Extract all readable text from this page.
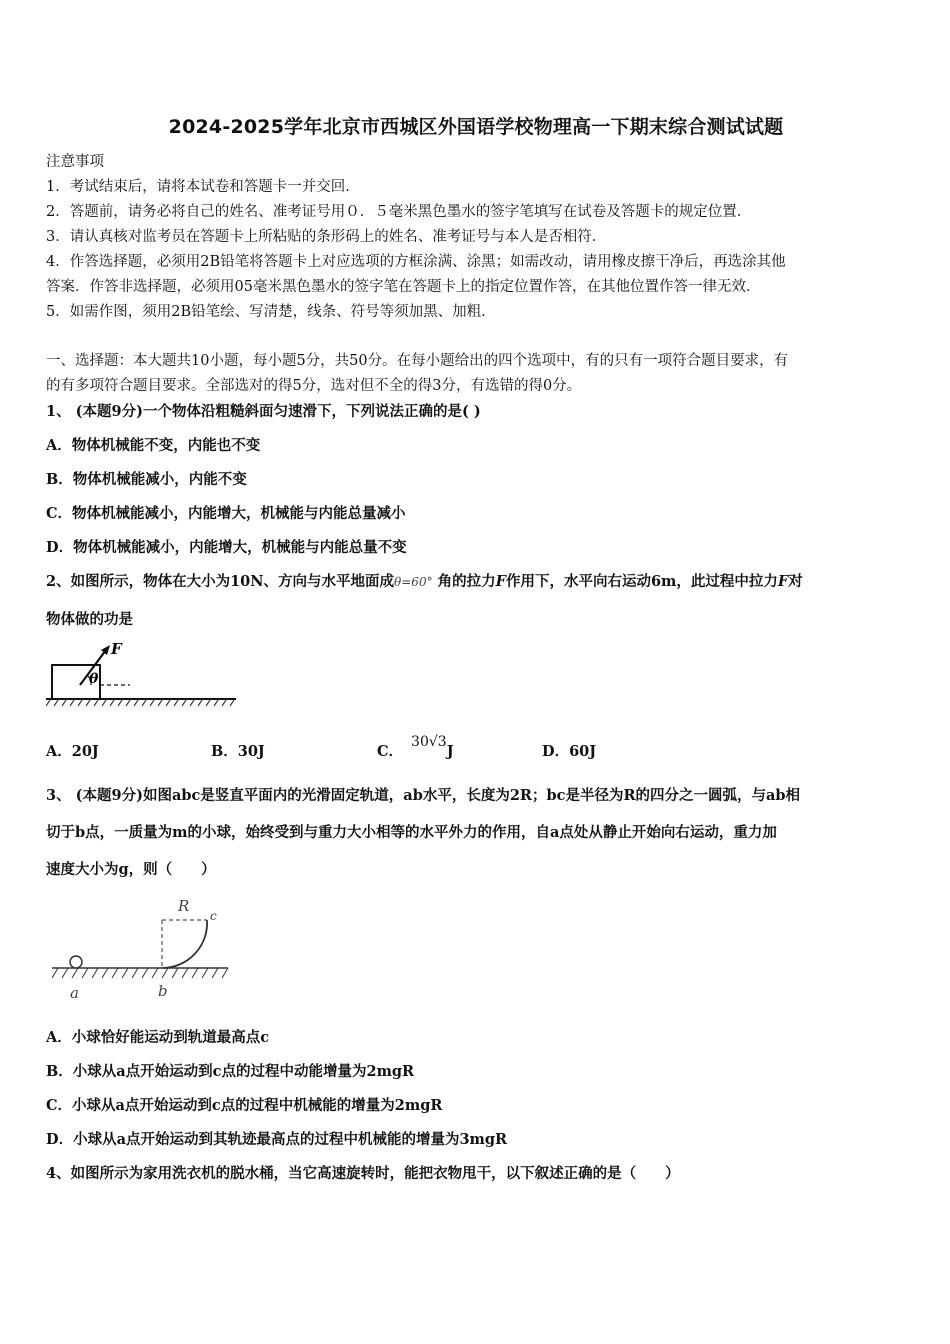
2024-2025学年北京市西城区外国语学校物理高一下期末综合测试试题
注意事项
1．考试结束后，请将本试卷和答题卡一并交回．
2．答题前，请务必将自己的姓名、准考证号用０．５毫米黑色墨水的签字笔填写在试卷及答题卡的规定位置．
3．请认真核对监考员在答题卡上所粘贴的条形码上的姓名、准考证号与本人是否相符．
4．作答选择题，必须用2B铅笔将答题卡上对应选项的方框涂满、涂黑；如需改动，请用橡皮擦干净后，再选涂其他
答案．作答非选择题，必须用05毫米黑色墨水的签字笔在答题卡上的指定位置作答，在其他位置作答一律无效．
5．如需作图，须用2B铅笔绘、写清楚，线条、符号等须加黑、加粗．
一、选择题：本大题共10小题，每小题5分，共50分。在每小题给出的四个选项中，有的只有一项符合题目要求，有
的有多项符合题目要求。全部选对的得5分，选对但不全的得3分，有选错的得0分。
1、 (本题9分)一个物体沿粗糙斜面匀速滑下，下列说法正确的是( )
A．物体机械能不变，内能也不变
B．物体机械能减小，内能不变
C．物体机械能减小，内能增大，机械能与内能总量减小
D．物体机械能减小，内能增大，机械能与内能总量不变
2、如图所示，物体在大小为10N、方向与水平地面成θ=60° 角的拉力F作用下，水平向右运动6m，此过程中拉力F对
物体做的功是
F
θ
A．20J	B．30J	C．30√3J	D．60J
3、 (本题9分)如图abc是竖直平面内的光滑固定轨道，ab水平，长度为2R；bc是半径为R的四分之一圆弧，与ab相
切于b点，一质量为m的小球，始终受到与重力大小相等的水平外力的作用，自a点处从静止开始向右运动，重力加
速度大小为g，则（　　）
R
c
a	b
A．小球恰好能运动到轨道最高点c
B．小球从a点开始运动到c点的过程中动能增量为2mgR
C．小球从a点开始运动到c点的过程中机械能的增量为2mgR
D．小球从a点开始运动到其轨迹最高点的过程中机械能的增量为3mgR
4、如图所示为家用洗衣机的脱水桶，当它高速旋转时，能把衣物甩干，以下叙述正确的是（　　）
